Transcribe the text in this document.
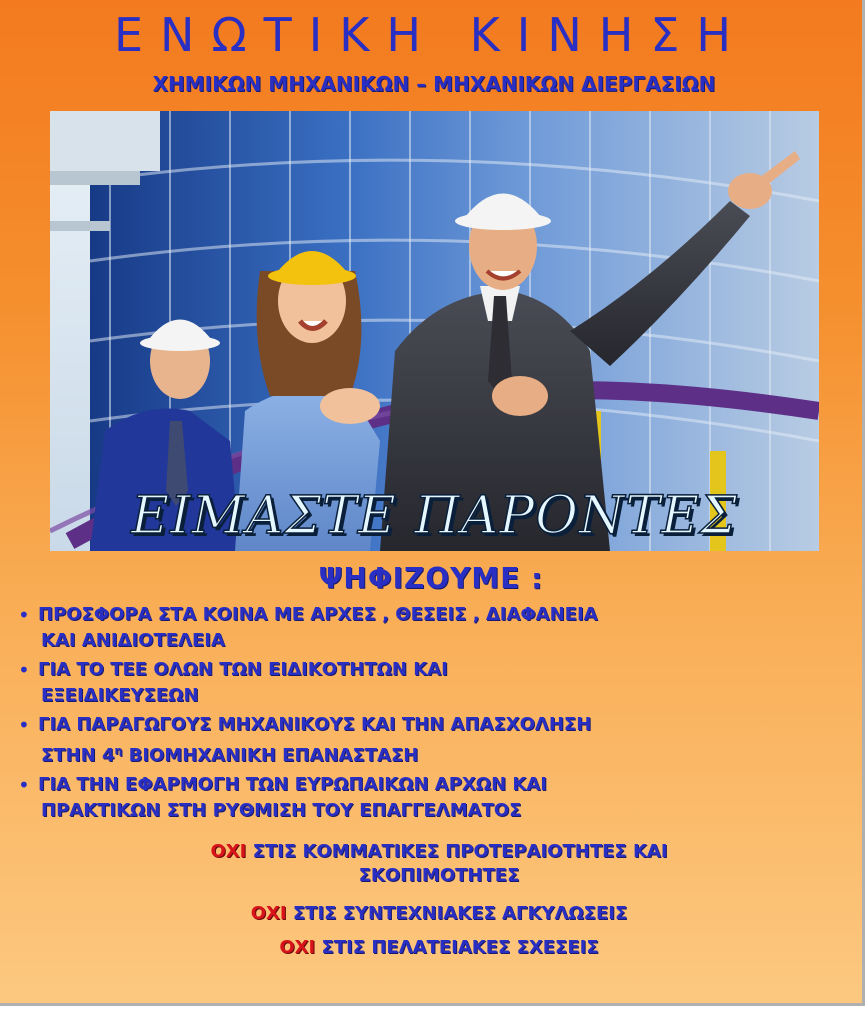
ΕΝΩΤΙΚΗ ΚΙΝΗΣΗ
ΧΗΜΙΚΩΝ ΜΗΧΑΝΙΚΩΝ – ΜΗΧΑΝΙΚΩΝ ΔΙΕΡΓΑΣΙΩΝ
ΕΙΜΑΣΤΕ ΠΑΡΟΝΤΕΣ
ΨΗΦΙΖΟΥΜΕ :
• ΠΡΟΣΦΟΡΑ ΣΤΑ ΚΟΙΝΑ ΜΕ ΑΡΧΕΣ , ΘΕΣΕΙΣ , ΔΙΑΦΑΝΕΙΑ
ΚΑΙ ΑΝΙΔΙΟΤΕΛΕΙΑ
• ΓΙΑ ΤΟ ΤΕΕ ΟΛΩΝ ΤΩΝ ΕΙΔΙΚΟΤΗΤΩΝ ΚΑΙ
ΕΞΕΙΔΙΚΕΥΣΕΩΝ
• ΓΙΑ ΠΑΡΑΓΩΓΟΥΣ ΜΗΧΑΝΙΚΟΥΣ ΚΑΙ ΤΗΝ ΑΠΑΣΧΟΛΗΣΗ
ΣΤΗΝ $4^\eta$ ΒΙΟΜΗΧΑΝΙΚΗ ΕΠΑΝΑΣΤΑΣΗ
• ΓΙΑ ΤΗΝ ΕΦΑΡΜΟΓΗ ΤΩΝ ΕΥΡΩΠΑΙΚΩΝ ΑΡΧΩΝ ΚΑΙ
ΠΡΑΚΤΙΚΩΝ ΣΤΗ ΡΥΘΜΙΣΗ ΤΟΥ ΕΠΑΓΓΕΛΜΑΤΟΣ
ΟΧΙ ΣΤΙΣ ΚΟΜΜΑΤΙΚΕΣ ΠΡΟΤΕΡΑΙΟΤΗΤΕΣ ΚΑΙ
ΣΚΟΠΙΜΟΤΗΤΕΣ
ΟΧΙ ΣΤΙΣ ΣΥΝΤΕΧΝΙΑΚΕΣ ΑΓΚΥΛΩΣΕΙΣ
ΟΧΙ ΣΤΙΣ ΠΕΛΑΤΕΙΑΚΕΣ ΣΧΕΣΕΙΣ
